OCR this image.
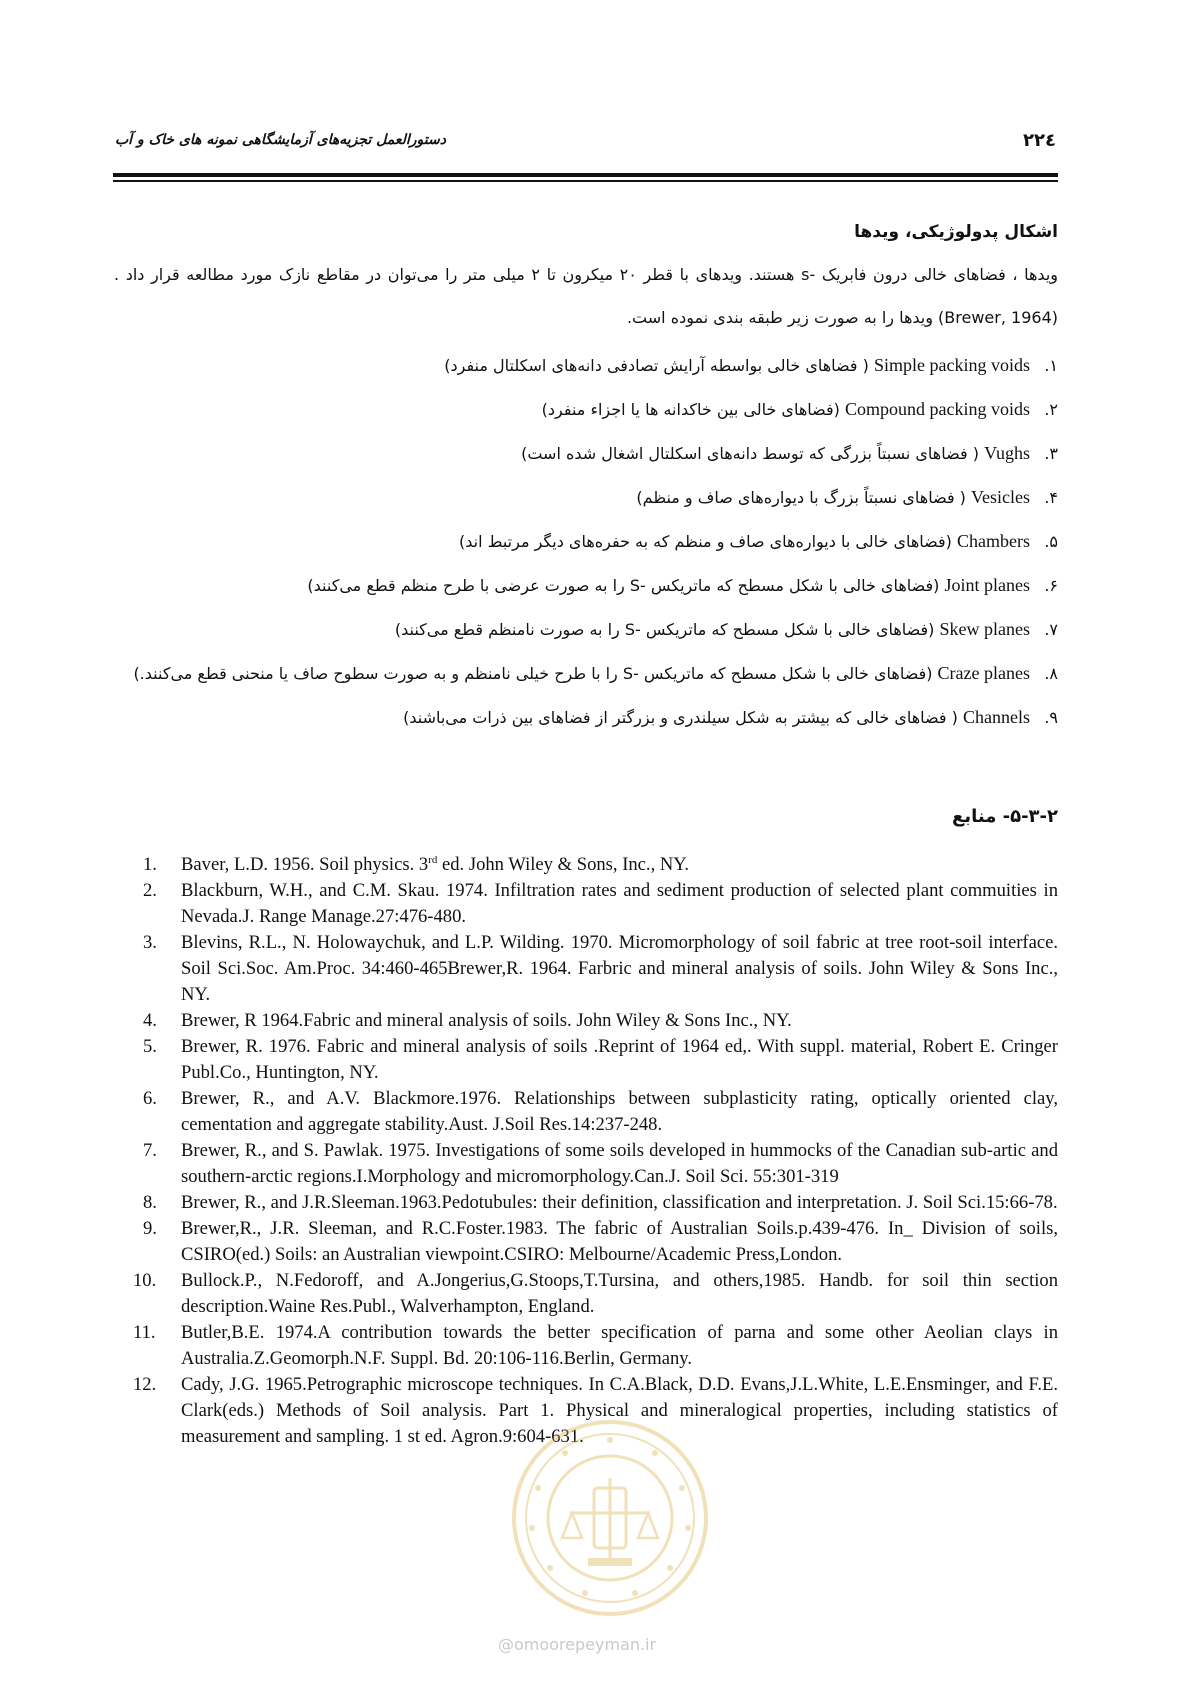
دستورالعمل تجزیه‌های آزمایشگاهی نمونه های خاک و آب	۲۲٤
اشکال پدولوژیکی، ویدها
ویدها ، فضاهای خالی درون فابریک -s هستند. ویدهای با قطر ۲۰ میکرون تا ۲ میلی متر را می‌توان در مقاطع نازک مورد مطالعه قرار داد . (Brewer, 1964) ویدها را به صورت زیر طبقه بندی نموده است.
۱.
Simple packing voids ( فضاهای خالی بواسطه آرایش تصادفی دانه‌های اسکلتال منفرد)
۲.
Compound packing voids (فضاهای خالی بین خاکدانه ها یا اجزاء منفرد)
۳.
Vughs ( فضاهای نسبتاً بزرگی که توسط دانه‌های اسکلتال اشغال شده است)
۴.
Vesicles ( فضاهای نسبتاً بزرگ با دیواره‌های صاف و منظم)
۵.
Chambers (فضاهای خالی با دیواره‌های صاف و منظم که به حفره‌های دیگر مرتبط اند)
۶.
Joint planes (فضاهای خالی با شکل مسطح که ماتریکس -S را به صورت عرضی با طرح منظم قطع می‌کنند)
۷.
Skew planes (فضاهای خالی با شکل مسطح که ماتریکس -S را به صورت نامنظم قطع می‌کنند)
۸.
Craze planes (فضاهای خالی با شکل مسطح که ماتریکس -S را با طرح خیلی نامنظم و به صورت سطوح صاف یا منحنی قطع می‌کنند.)
۹.
Channels ( فضاهای خالی که بیشتر به شکل سیلندری و بزرگتر از فضاهای بین ذرات می‌باشند)
۵-۳-۲- منابع
1. Baver, L.D. 1956. Soil physics. 3rd ed. John Wiley & Sons, Inc., NY.
2. Blackburn, W.H., and C.M. Skau. 1974. Infiltration rates and sediment production of selected plant commuities in Nevada.J. Range Manage.27:476-480.
3. Blevins, R.L., N. Holowaychuk, and L.P. Wilding. 1970. Micromorphology of soil fabric at tree root-soil interface. Soil Sci.Soc. Am.Proc. 34:460-465Brewer,R. 1964. Farbric and mineral analysis of soils. John Wiley & Sons Inc., NY.
4. Brewer, R 1964.Fabric and mineral analysis of soils. John Wiley & Sons Inc., NY.
5. Brewer, R. 1976. Fabric and mineral analysis of soils .Reprint of 1964 ed,. With suppl. material, Robert E. Cringer Publ.Co., Huntington, NY.
6. Brewer, R., and A.V. Blackmore.1976. Relationships between subplasticity rating, optically oriented clay, cementation and aggregate stability.Aust. J.Soil Res.14:237-248.
7. Brewer, R., and S. Pawlak. 1975. Investigations of some soils developed in hummocks of the Canadian sub-artic and southern-arctic regions.I.Morphology and micromorphology.Can.J. Soil Sci. 55:301-319
8. Brewer, R., and J.R.Sleeman.1963.Pedotubules: their definition, classification and interpretation. J. Soil Sci.15:66-78.
9. Brewer,R., J.R. Sleeman, and R.C.Foster.1983. The fabric of Australian Soils.p.439-476. In_ Division of soils, CSIRO(ed.) Soils: an Australian viewpoint.CSIRO: Melbourne/Academic Press,London.
10. Bullock.P., N.Fedoroff, and A.Jongerius,G.Stoops,T.Tursina, and others,1985. Handb. for soil thin section description.Waine Res.Publ., Walverhampton, England.
11. Butler,B.E. 1974.A contribution towards the better specification of parna and some other Aeolian clays in Australia.Z.Geomorph.N.F. Suppl. Bd. 20:106-116.Berlin, Germany.
12. Cady, J.G. 1965.Petrographic microscope techniques. In C.A.Black, D.D. Evans,J.L.White, L.E.Ensminger, and F.E. Clark(eds.) Methods of Soil analysis. Part 1. Physical and mineralogical properties, including statistics of measurement and sampling. 1 st ed. Agron.9:604-631.
@omoorepeyman.ir
